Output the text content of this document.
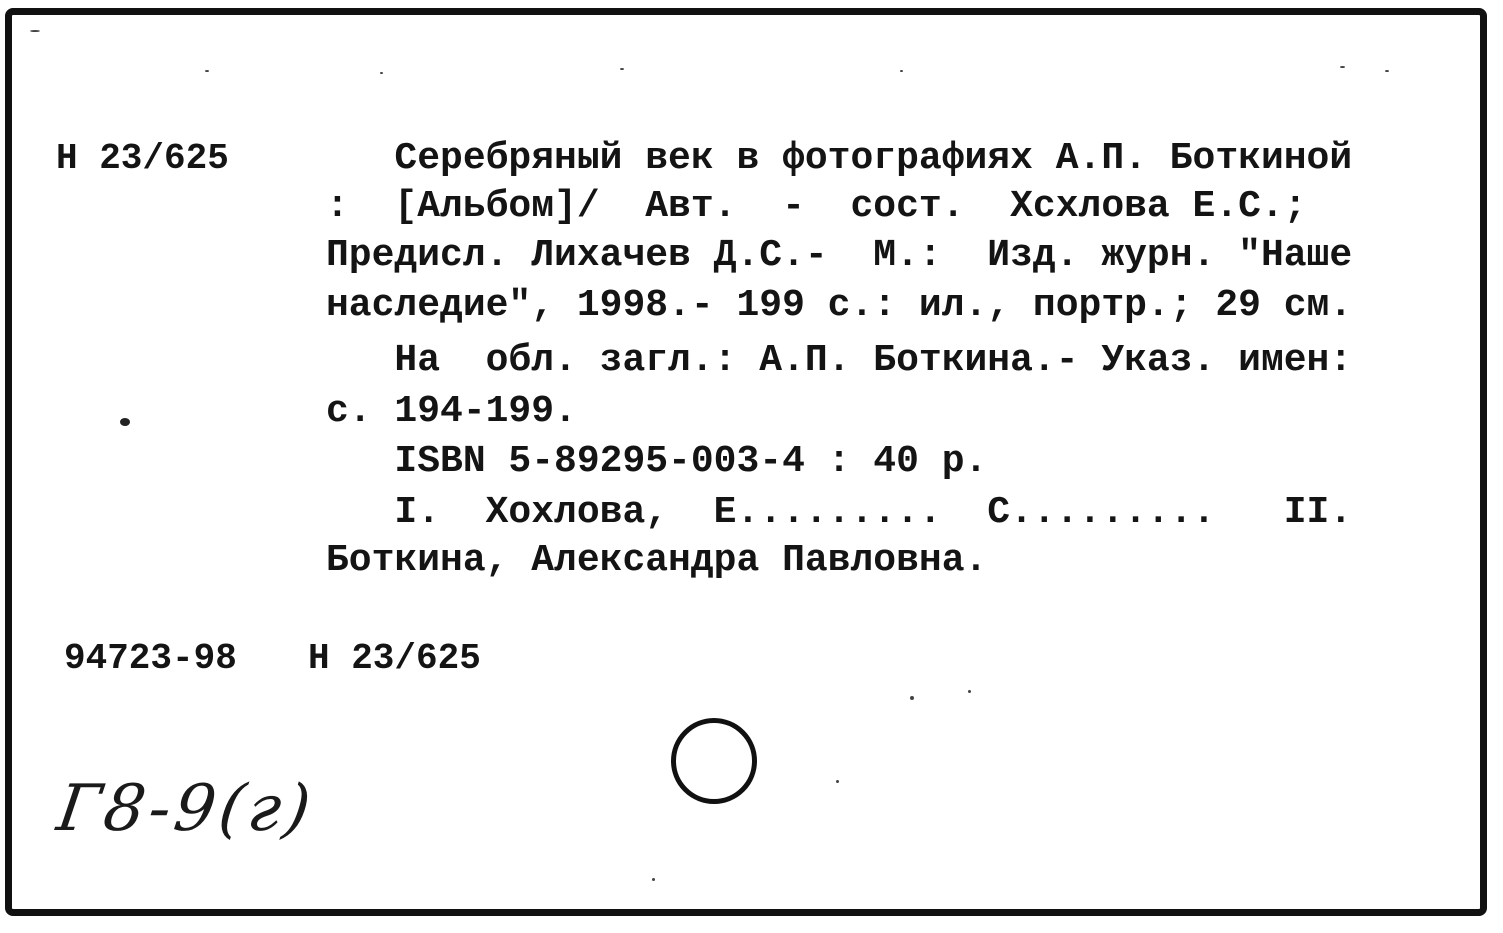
Н 23/625	Серебряный век в фотографиях А.П. Боткиной
:  [Альбом]/  Авт.  -  сост.  Хсхлова Е.С.;
Предисл. Лихачев Д.С.-  М.:  Изд. журн. "Наше
наследие", 1998.- 199 с.: ил., портр.; 29 см.
На  обл. загл.: А.П. Боткина.- Указ. имен:
с. 194-199.
ISBN 5-89295-003-4 : 40 р.
I.  Хохлова,  Е.........  С.........   II.
Боткина, Александра Павловна.
94723-98 Н 23/625
Г8-9(г)
